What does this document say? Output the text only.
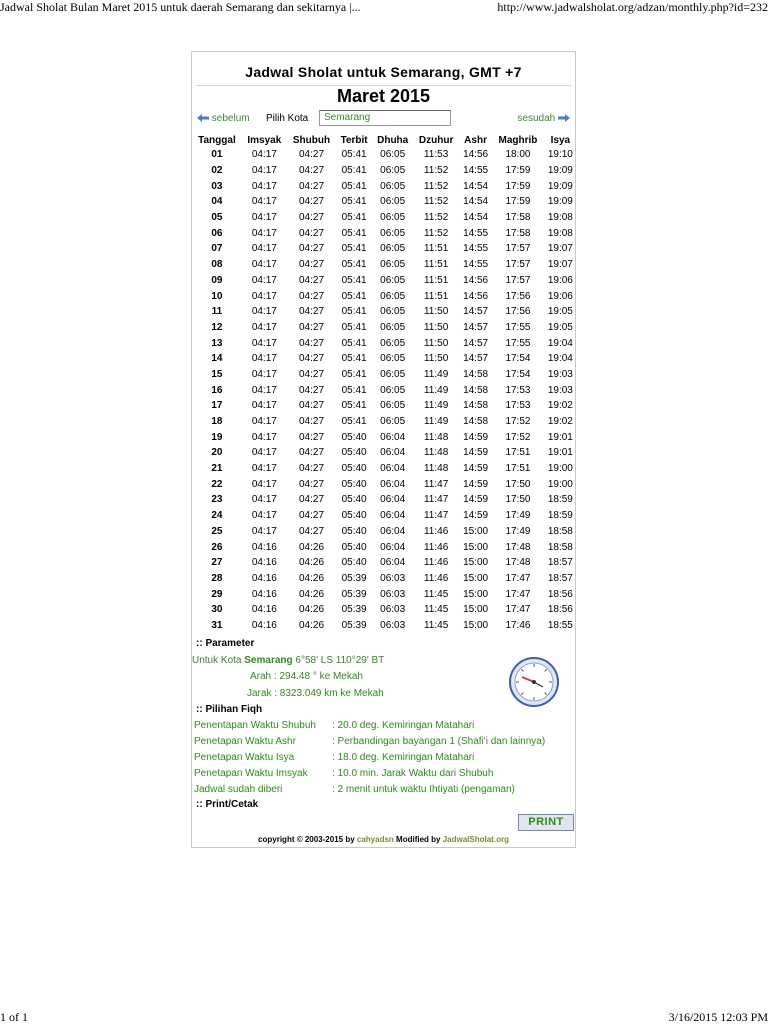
Jadwal Sholat Bulan Maret 2015 untuk daerah Semarang dan sekitarnya |...	http://www.jadwalsholat.org/adzan/monthly.php?id=232
Jadwal Sholat untuk Semarang, GMT +7
Maret 2015
sebelum Pilih Kota	Semarang	sesudah
Tanggal	Imsyak	Shubuh	Terbit	Dhuha	Dzuhur	Ashr	Maghrib	Isya
01	04:17	04:27	05:41	06:05	11:53	14:56	18:00	19:10
02	04:17	04:27	05:41	06:05	11:52	14:55	17:59	19:09
03	04:17	04:27	05:41	06:05	11:52	14:54	17:59	19:09
04	04:17	04:27	05:41	06:05	11:52	14:54	17:59	19:09
05	04:17	04:27	05:41	06:05	11:52	14:54	17:58	19:08
06	04:17	04:27	05:41	06:05	11:52	14:55	17:58	19:08
07	04:17	04:27	05:41	06:05	11:51	14:55	17:57	19:07
08	04:17	04:27	05:41	06:05	11:51	14:55	17:57	19:07
09	04:17	04:27	05:41	06:05	11:51	14:56	17:57	19:06
10	04:17	04:27	05:41	06:05	11:51	14:56	17:56	19:06
11	04:17	04:27	05:41	06:05	11:50	14:57	17:56	19:05
12	04:17	04:27	05:41	06:05	11:50	14:57	17:55	19:05
13	04:17	04:27	05:41	06:05	11:50	14:57	17:55	19:04
14	04:17	04:27	05:41	06:05	11:50	14:57	17:54	19:04
15	04:17	04:27	05:41	06:05	11:49	14:58	17:54	19:03
16	04:17	04:27	05:41	06:05	11:49	14:58	17:53	19:03
17	04:17	04:27	05:41	06:05	11:49	14:58	17:53	19:02
18	04:17	04:27	05:41	06:05	11:49	14:58	17:52	19:02
19	04:17	04:27	05:40	06:04	11:48	14:59	17:52	19:01
20	04:17	04:27	05:40	06:04	11:48	14:59	17:51	19:01
21	04:17	04:27	05:40	06:04	11:48	14:59	17:51	19:00
22	04:17	04:27	05:40	06:04	11:47	14:59	17:50	19:00
23	04:17	04:27	05:40	06:04	11:47	14:59	17:50	18:59
24	04:17	04:27	05:40	06:04	11:47	14:59	17:49	18:59
25	04:17	04:27	05:40	06:04	11:46	15:00	17:49	18:58
26	04:16	04:26	05:40	06:04	11:46	15:00	17:48	18:58
27	04:16	04:26	05:40	06:04	11:46	15:00	17:48	18:57
28	04:16	04:26	05:39	06:03	11:46	15:00	17:47	18:57
29	04:16	04:26	05:39	06:03	11:45	15:00	17:47	18:56
30	04:16	04:26	05:39	06:03	11:45	15:00	17:47	18:56
31	04:16	04:26	05:39	06:03	11:45	15:00	17:46	18:55
:: Parameter
Untuk Kota Semarang 6°58' LS 110°29' BT
Arah : 294.48 ° ke Mekah
Jarak : 8323.049 km ke Mekah
:: Pilihan Fiqh
Penentapan Waktu Shubuh : 20.0 deg. Kemiringan Matahari
Penetapan Waktu Ashr	: Perbandingan bayangan 1 (Shafi'i dan lainnya)
Penetapan Waktu Isya	: 18.0 deg. Kemiringan Matahari
Penetapan Waktu Imsyak : 10.0 min. Jarak Waktu dari Shubuh
Jadwal sudah diberi	: 2 menit untuk waktu Ihtiyati (pengaman)
:: Print/Cetak
PRINT
copyright © 2003-2015 by cahyadsn Modified by JadwalSholat.org
1 of 1	3/16/2015 12:03 PM
